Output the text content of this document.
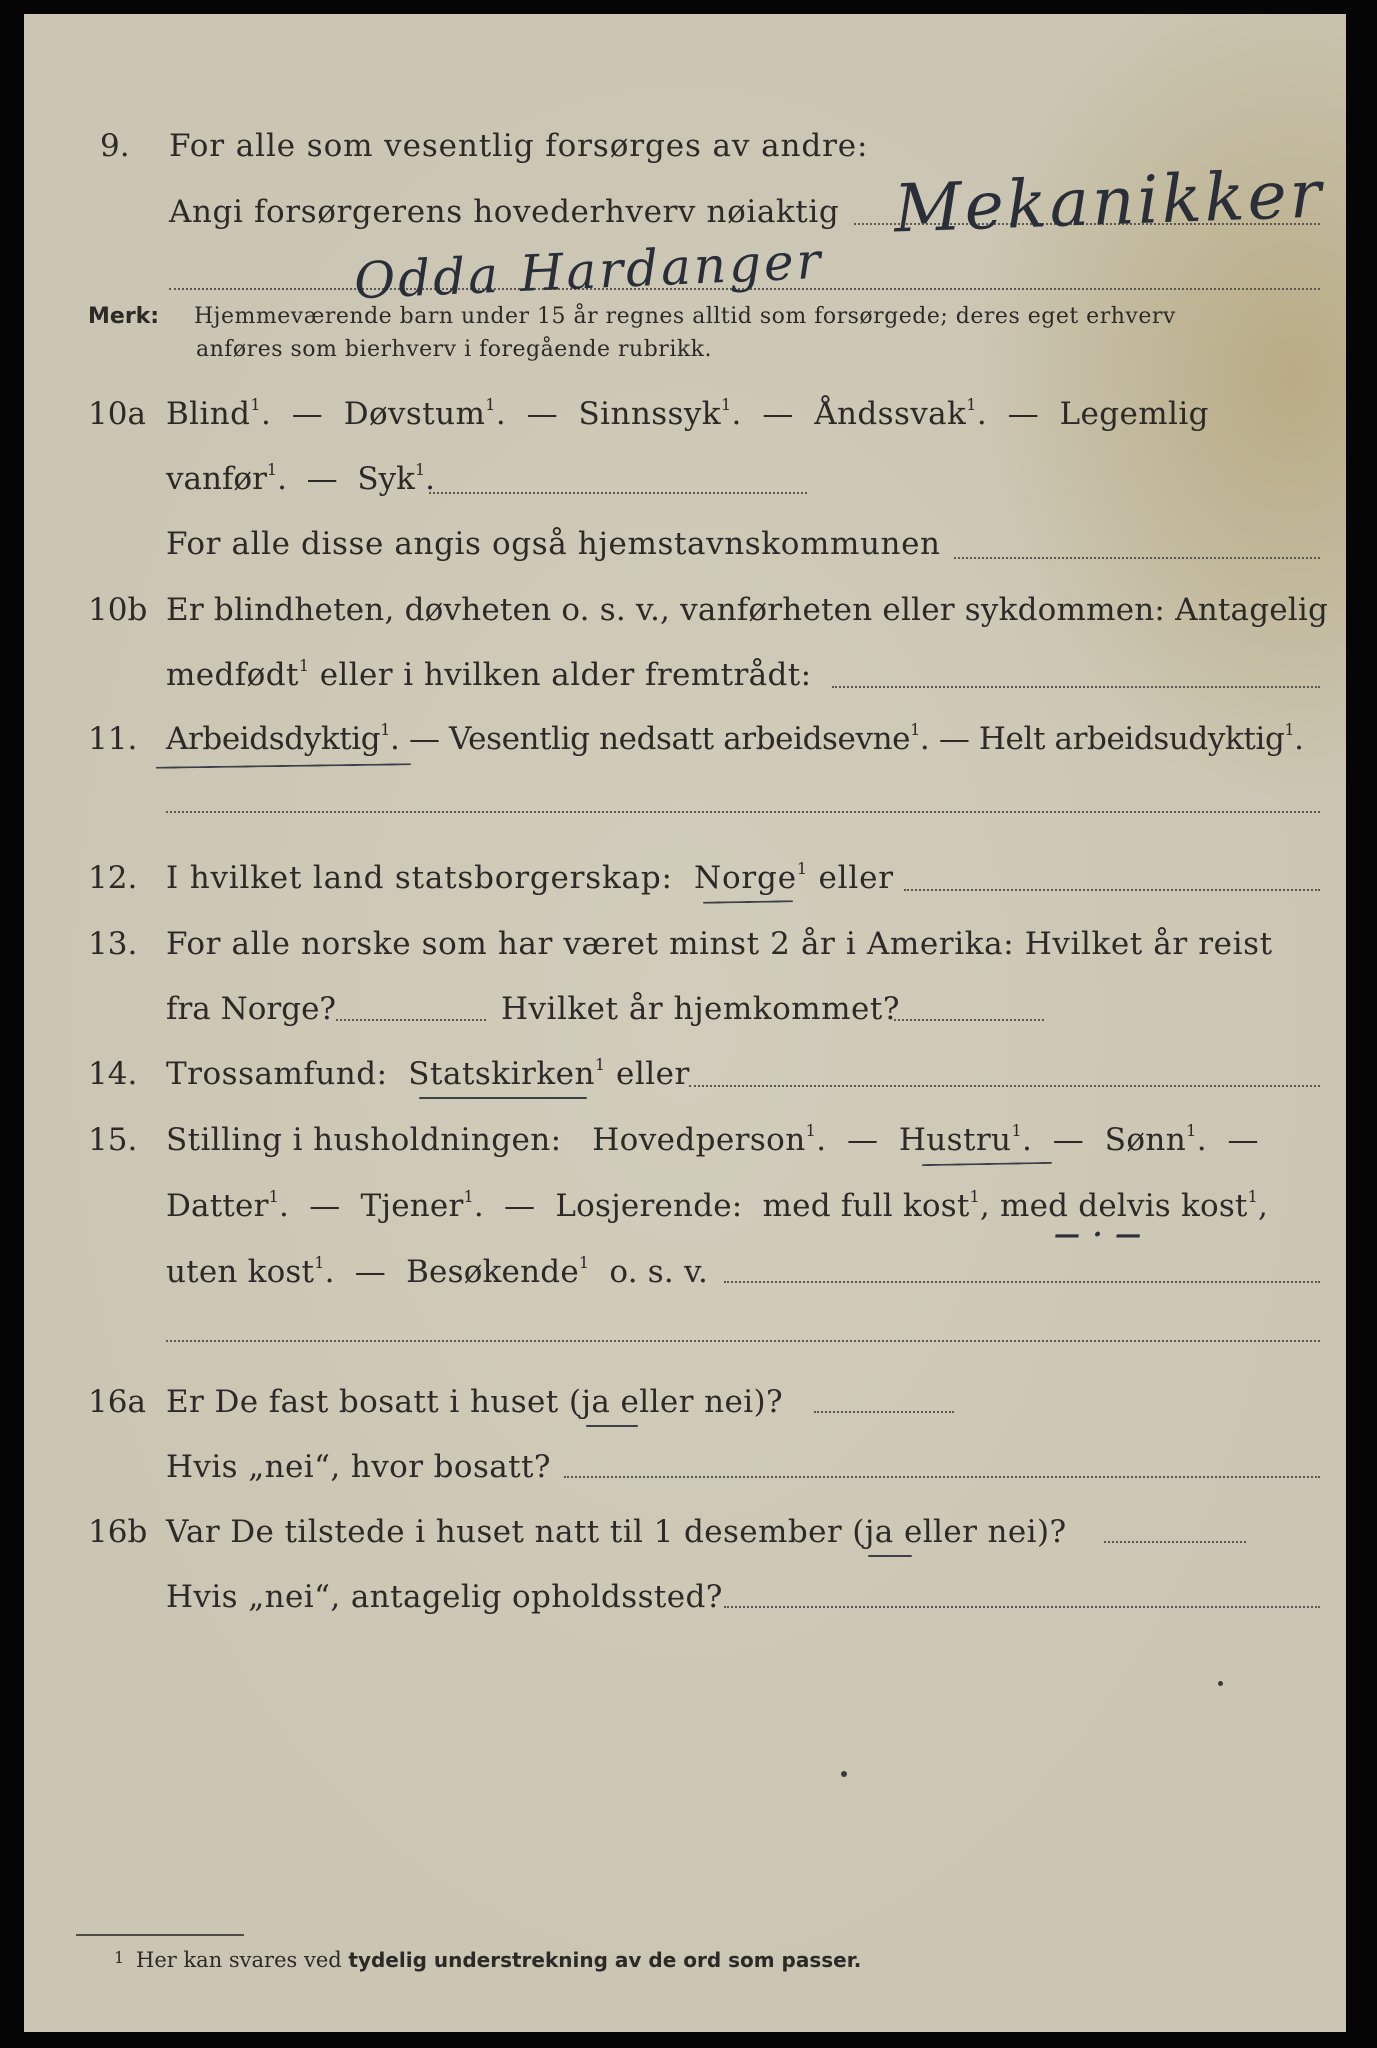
9. For alle som vesentlig forsørges av andre:
Angi forsørgerens hovederhverv nøiaktig Mekanikker
Odda Hardanger
Merk: Hjemmeværende barn under 15 år regnes alltid som forsørgede; deres eget erhverv
anføres som bierhverv i foregående rubrikk.
10a Blind$^1$.  — Døvstum$^1$.  — Sinnssyk$^1$.  — Åndssvak$^1$.  — Legemlig
vanfør$^1$.  — Syk$^1$.
For alle disse angis også hjemstavnskommunen
10b Er blindheten, døvheten o. s. v., vanførheten eller sykdommen: Antagelig
medfødt$^1$ eller i hvilken alder fremtrådt:
11. Arbeidsdyktig$^1$. — Vesentlig nedsatt arbeidsevne$^1$. — Helt arbeidsudyktig$^1$.
12. I hvilket land statsborgerskap: Norge$^1$ eller
13. For alle norske som har været minst 2 år i Amerika: Hvilket år reist
fra Norge?	Hvilket år hjemkommet?
14. Trossamfund: Statskirken$^1$ eller
15. Stilling i husholdningen: Hovedperson$^1$.  — Hustru$^1$.  — Sønn$^1$.  —
Datter$^1$.  — Tjener$^1$.  — Losjerende: med full kost$^1$, med delvis kost$^1$,
— · —
uten kost$^1$.  — Besøkende$^1$ o. s. v.
16a Er De fast bosatt i huset (ja eller nei)?
Hvis „nei“, hvor bosatt?
16b Var De tilstede i huset natt til 1 desember (ja eller nei)?
Hvis „nei“, antagelig opholdssted?
1 Her kan svares ved tydelig understrekning av de ord som passer.
